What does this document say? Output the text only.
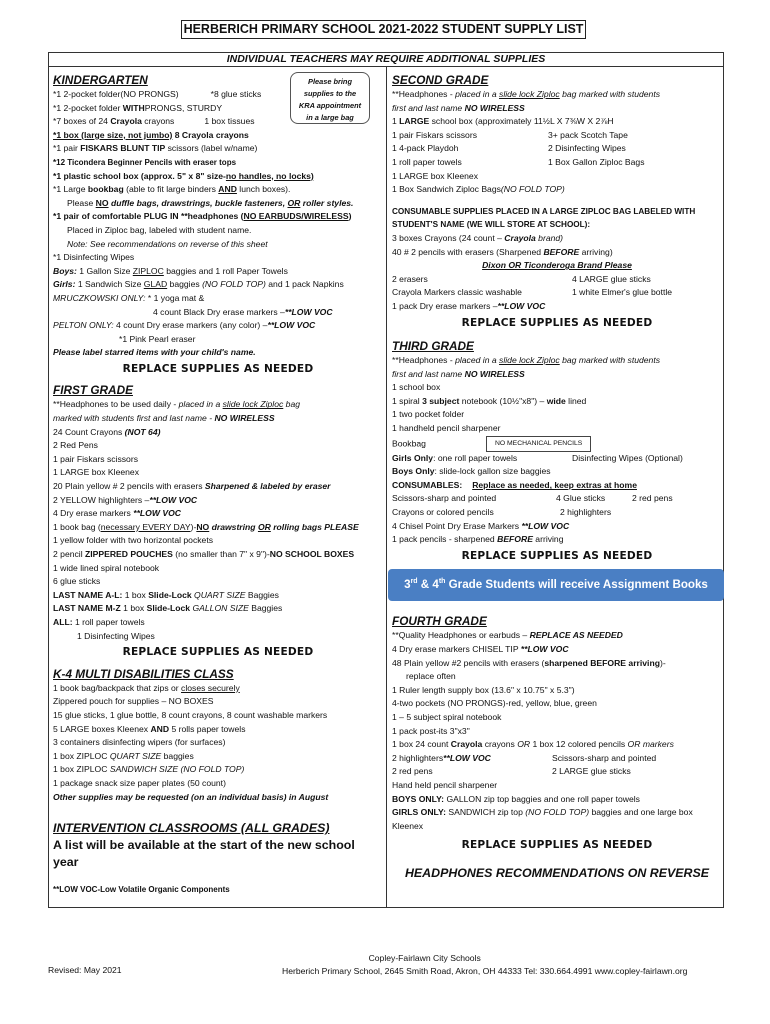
HERBERICH PRIMARY SCHOOL 2021-2022 STUDENT SUPPLY LIST
INDIVIDUAL TEACHERS MAY REQUIRE ADDITIONAL SUPPLIES
Please bring
supplies to the
KRA appointment
in a large bag
KINDERGARTEN
*1 2-pocket folder(NO PRONGS)	*8 glue sticks
*1 2-pocket folder WITHPRONGS, STURDY
*7 boxes of 24 Crayola crayons	1 box tissues
*1 box (large size, not jumbo) 8 Crayola crayons
*1 pair FISKARS BLUNT TIP scissors (label w/name)
*12 Ticondera Beginner Pencils with eraser tops
*1 plastic school box (approx. 5" x 8" size-no handles, no locks)
*1 Large bookbag (able to fit large binders AND lunch boxes).
Please NO duffle bags, drawstrings, buckle fasteners, OR roller styles.
*1 pair of comfortable PLUG IN **headphones (NO EARBUDS/WIRELESS)
Placed in Ziploc bag, labeled with student name.
Note: See recommendations on reverse of this sheet
*1 Disinfecting Wipes
Boys: 1 Gallon Size ZIPLOC baggies and 1 roll Paper Towels
Girls: 1 Sandwich Size GLAD baggies (NO FOLD TOP) and 1 pack Napkins
MRUCZKOWSKI ONLY: * 1 yoga mat &
4 count Black Dry erase markers –**LOW VOC
PELTON ONLY: 4 count Dry erase markers (any color) –**LOW VOC
*1 Pink Pearl eraser
Please label starred items with your child's name.
REPLACE SUPPLIES AS NEEDED
FIRST GRADE
**Headphones to be used daily - placed in a slide lock Ziploc bag
marked with students first and last name - NO WIRELESS
24 Count Crayons (NOT 64)
2 Red Pens
1 pair Fiskars scissors
1 LARGE box Kleenex
20 Plain yellow # 2 pencils with erasers Sharpened & labeled by eraser
2 YELLOW highlighters –**LOW VOC
4 Dry erase markers **LOW VOC
1 book bag (necessary EVERY DAY)-NO drawstring OR rolling bags PLEASE
1 yellow folder with two horizontal pockets
2 pencil ZIPPERED POUCHES (no smaller than 7" x 9")-NO SCHOOL BOXES
1 wide lined spiral notebook
6 glue sticks
LAST NAME A-L: 1 box Slide-Lock QUART SIZE Baggies
LAST NAME M-Z 1 box Slide-Lock GALLON SIZE Baggies
ALL: 1 roll paper towels
1 Disinfecting Wipes
REPLACE SUPPLIES AS NEEDED
K-4 MULTI DISABILITIES CLASS
1 book bag/backpack that zips or closes securely
Zippered pouch for supplies – NO BOXES
15 glue sticks, 1 glue bottle, 8 count crayons, 8 count washable markers
5 LARGE boxes Kleenex AND 5 rolls paper towels
3 containers disinfecting wipers (for surfaces)
1 box ZIPLOC QUART SIZE baggies
1 box ZIPLOC SANDWICH SIZE (NO FOLD TOP)
1 package snack size paper plates (50 count)
Other supplies may be requested (on an individual basis) in August
INTERVENTION CLASSROOMS (ALL GRADES)
A list will be available at the start of the new school year
**LOW VOC-Low Volatile Organic Components
SECOND GRADE
**Headphones - placed in a slide lock Ziploc bag marked with students
first and last name NO WIRELESS
1 LARGE school box (approximately 11½L X 7⅜W X 2⅞H
1 pair Fiskars scissors	3+ pack Scotch Tape
1 4-pack Playdoh	2 Disinfecting Wipes
1 roll paper towels	1 Box Gallon Ziploc Bags
1 LARGE box Kleenex
1 Box Sandwich Ziploc Bags(NO FOLD TOP)
CONSUMABLE SUPPLIES PLACED IN A LARGE ZIPLOC BAG LABELED WITH
STUDENT'S NAME (WE WILL STORE AT SCHOOL):
3 boxes Crayons (24 count – Crayola brand)
40 # 2 pencils with erasers (Sharpened BEFORE arriving)
Dixon OR Ticonderoga Brand Please
2 erasers	4 LARGE glue sticks
Crayola Markers classic washable	1 white Elmer's glue bottle
1 pack Dry erase markers –**LOW VOC
REPLACE SUPPLIES AS NEEDED
THIRD GRADE
**Headphones - placed in a slide lock Ziploc bag marked with students
first and last name NO WIRELESS
1 school box
1 spiral 3 subject notebook (10½"x8") – wide lined
1 two pocket folder
1 handheld pencil sharpener
Bookbag	NO MECHANICAL PENCILS
Girls Only: one roll paper towels	Disinfecting Wipes (Optional)
Boys Only: slide-lock gallon size baggies
CONSUMABLES: Replace as needed, keep extras at home
Scissors-sharp and pointed	4 Glue sticks	2 red pens
Crayons or colored pencils	2 highlighters
4 Chisel Point Dry Erase Markers **LOW VOC
1 pack pencils - sharpened BEFORE arriving
REPLACE SUPPLIES AS NEEDED
3rd & 4th Grade Students will receive Assignment Books
FOURTH GRADE
**Quality Headphones or earbuds – REPLACE AS NEEDED
4 Dry erase markers CHISEL TIP **LOW VOC
48 Plain yellow #2 pencils with erasers (sharpened BEFORE arriving)-
replace often
1 Ruler length supply box (13.6" x 10.75" x 5.3")
4-two pockets (NO PRONGS)-red, yellow, blue, green
1 – 5 subject spiral notebook
1 pack post-its 3"x3"
1 box 24 count Crayola crayons OR 1 box 12 colored pencils OR markers
2 highlighters**LOW VOC	Scissors-sharp and pointed
2 red pens	2 LARGE glue sticks
Hand held pencil sharpener
BOYS ONLY: GALLON zip top baggies and one roll paper towels
GIRLS ONLY: SANDWICH zip top (NO FOLD TOP) baggies and one large box
Kleenex
REPLACE SUPPLIES AS NEEDED
HEADPHONES RECOMMENDATIONS ON REVERSE
Revised: May 2021
Copley-Fairlawn City Schools
Herberich Primary School, 2645 Smith Road, Akron, OH 44333 Tel: 330.664.4991 www.copley-fairlawn.org
